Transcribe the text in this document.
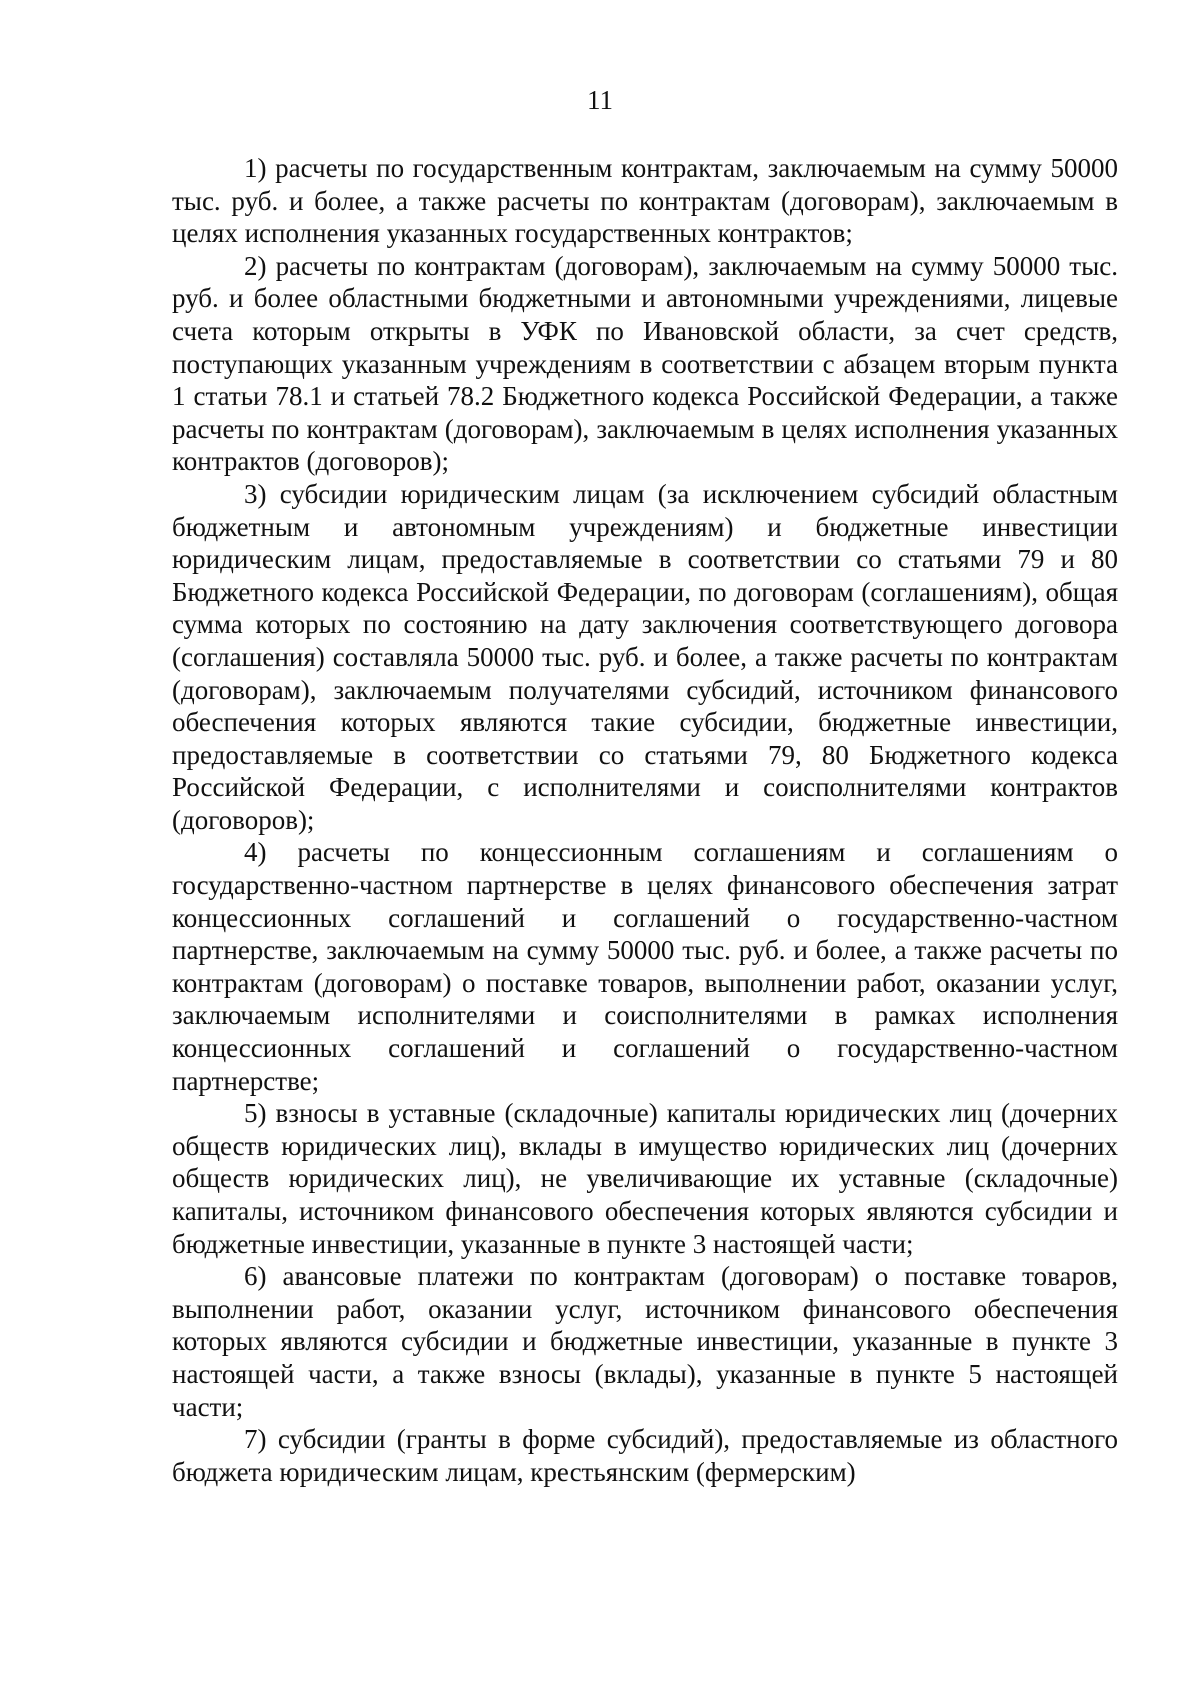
11

1) расчеты по государственным контрактам, заключаемым на сумму 50000 тыс. руб. и более, а также расчеты по контрактам (договорам), заключаемым в целях исполнения указанных государственных контрактов;

2) расчеты по контрактам (договорам), заключаемым на сумму 50000 тыс. руб. и более областными бюджетными и автономными учреждениями, лицевые счета которым открыты в УФК по Ивановской области, за счет средств, поступающих указанным учреждениям в соответствии с абзацем вторым пункта 1 статьи 78.1 и статьей 78.2 Бюджетного кодекса Российской Федерации, а также расчеты по контрактам (договорам), заключаемым в целях исполнения указанных контрактов (договоров);

3) субсидии юридическим лицам (за исключением субсидий областным бюджетным и автономным учреждениям) и бюджетные инвестиции юридическим лицам, предоставляемые в соответствии со статьями 79 и 80 Бюджетного кодекса Российской Федерации, по договорам (соглашениям), общая сумма которых по состоянию на дату заключения соответствующего договора (соглашения) составляла 50000 тыс. руб. и более, а также расчеты по контрактам (договорам), заключаемым получателями субсидий, источником финансового обеспечения которых являются такие субсидии, бюджетные инвестиции, предоставляемые в соответствии со статьями 79, 80 Бюджетного кодекса Российской Федерации, с исполнителями и соисполнителями контрактов (договоров);

4) расчеты по концессионным соглашениям и соглашениям о государственно-частном партнерстве в целях финансового обеспечения затрат концессионных соглашений и соглашений о государственно-частном партнерстве, заключаемым на сумму 50000 тыс. руб. и более, а также расчеты по контрактам (договорам) о поставке товаров, выполнении работ, оказании услуг, заключаемым исполнителями и соисполнителями в рамках исполнения концессионных соглашений и соглашений о государственно-частном партнерстве;

5) взносы в уставные (складочные) капиталы юридических лиц (дочерних обществ юридических лиц), вклады в имущество юридических лиц (дочерних обществ юридических лиц), не увеличивающие их уставные (складочные) капиталы, источником финансового обеспечения которых являются субсидии и бюджетные инвестиции, указанные в пункте 3 настоящей части;

6) авансовые платежи по контрактам (договорам) о поставке товаров, выполнении работ, оказании услуг, источником финансового обеспечения которых являются субсидии и бюджетные инвестиции, указанные в пункте 3 настоящей части, а также взносы (вклады), указанные в пункте 5 настоящей части;

7) субсидии (гранты в форме субсидий), предоставляемые из областного бюджета юридическим лицам, крестьянским (фермерским)
